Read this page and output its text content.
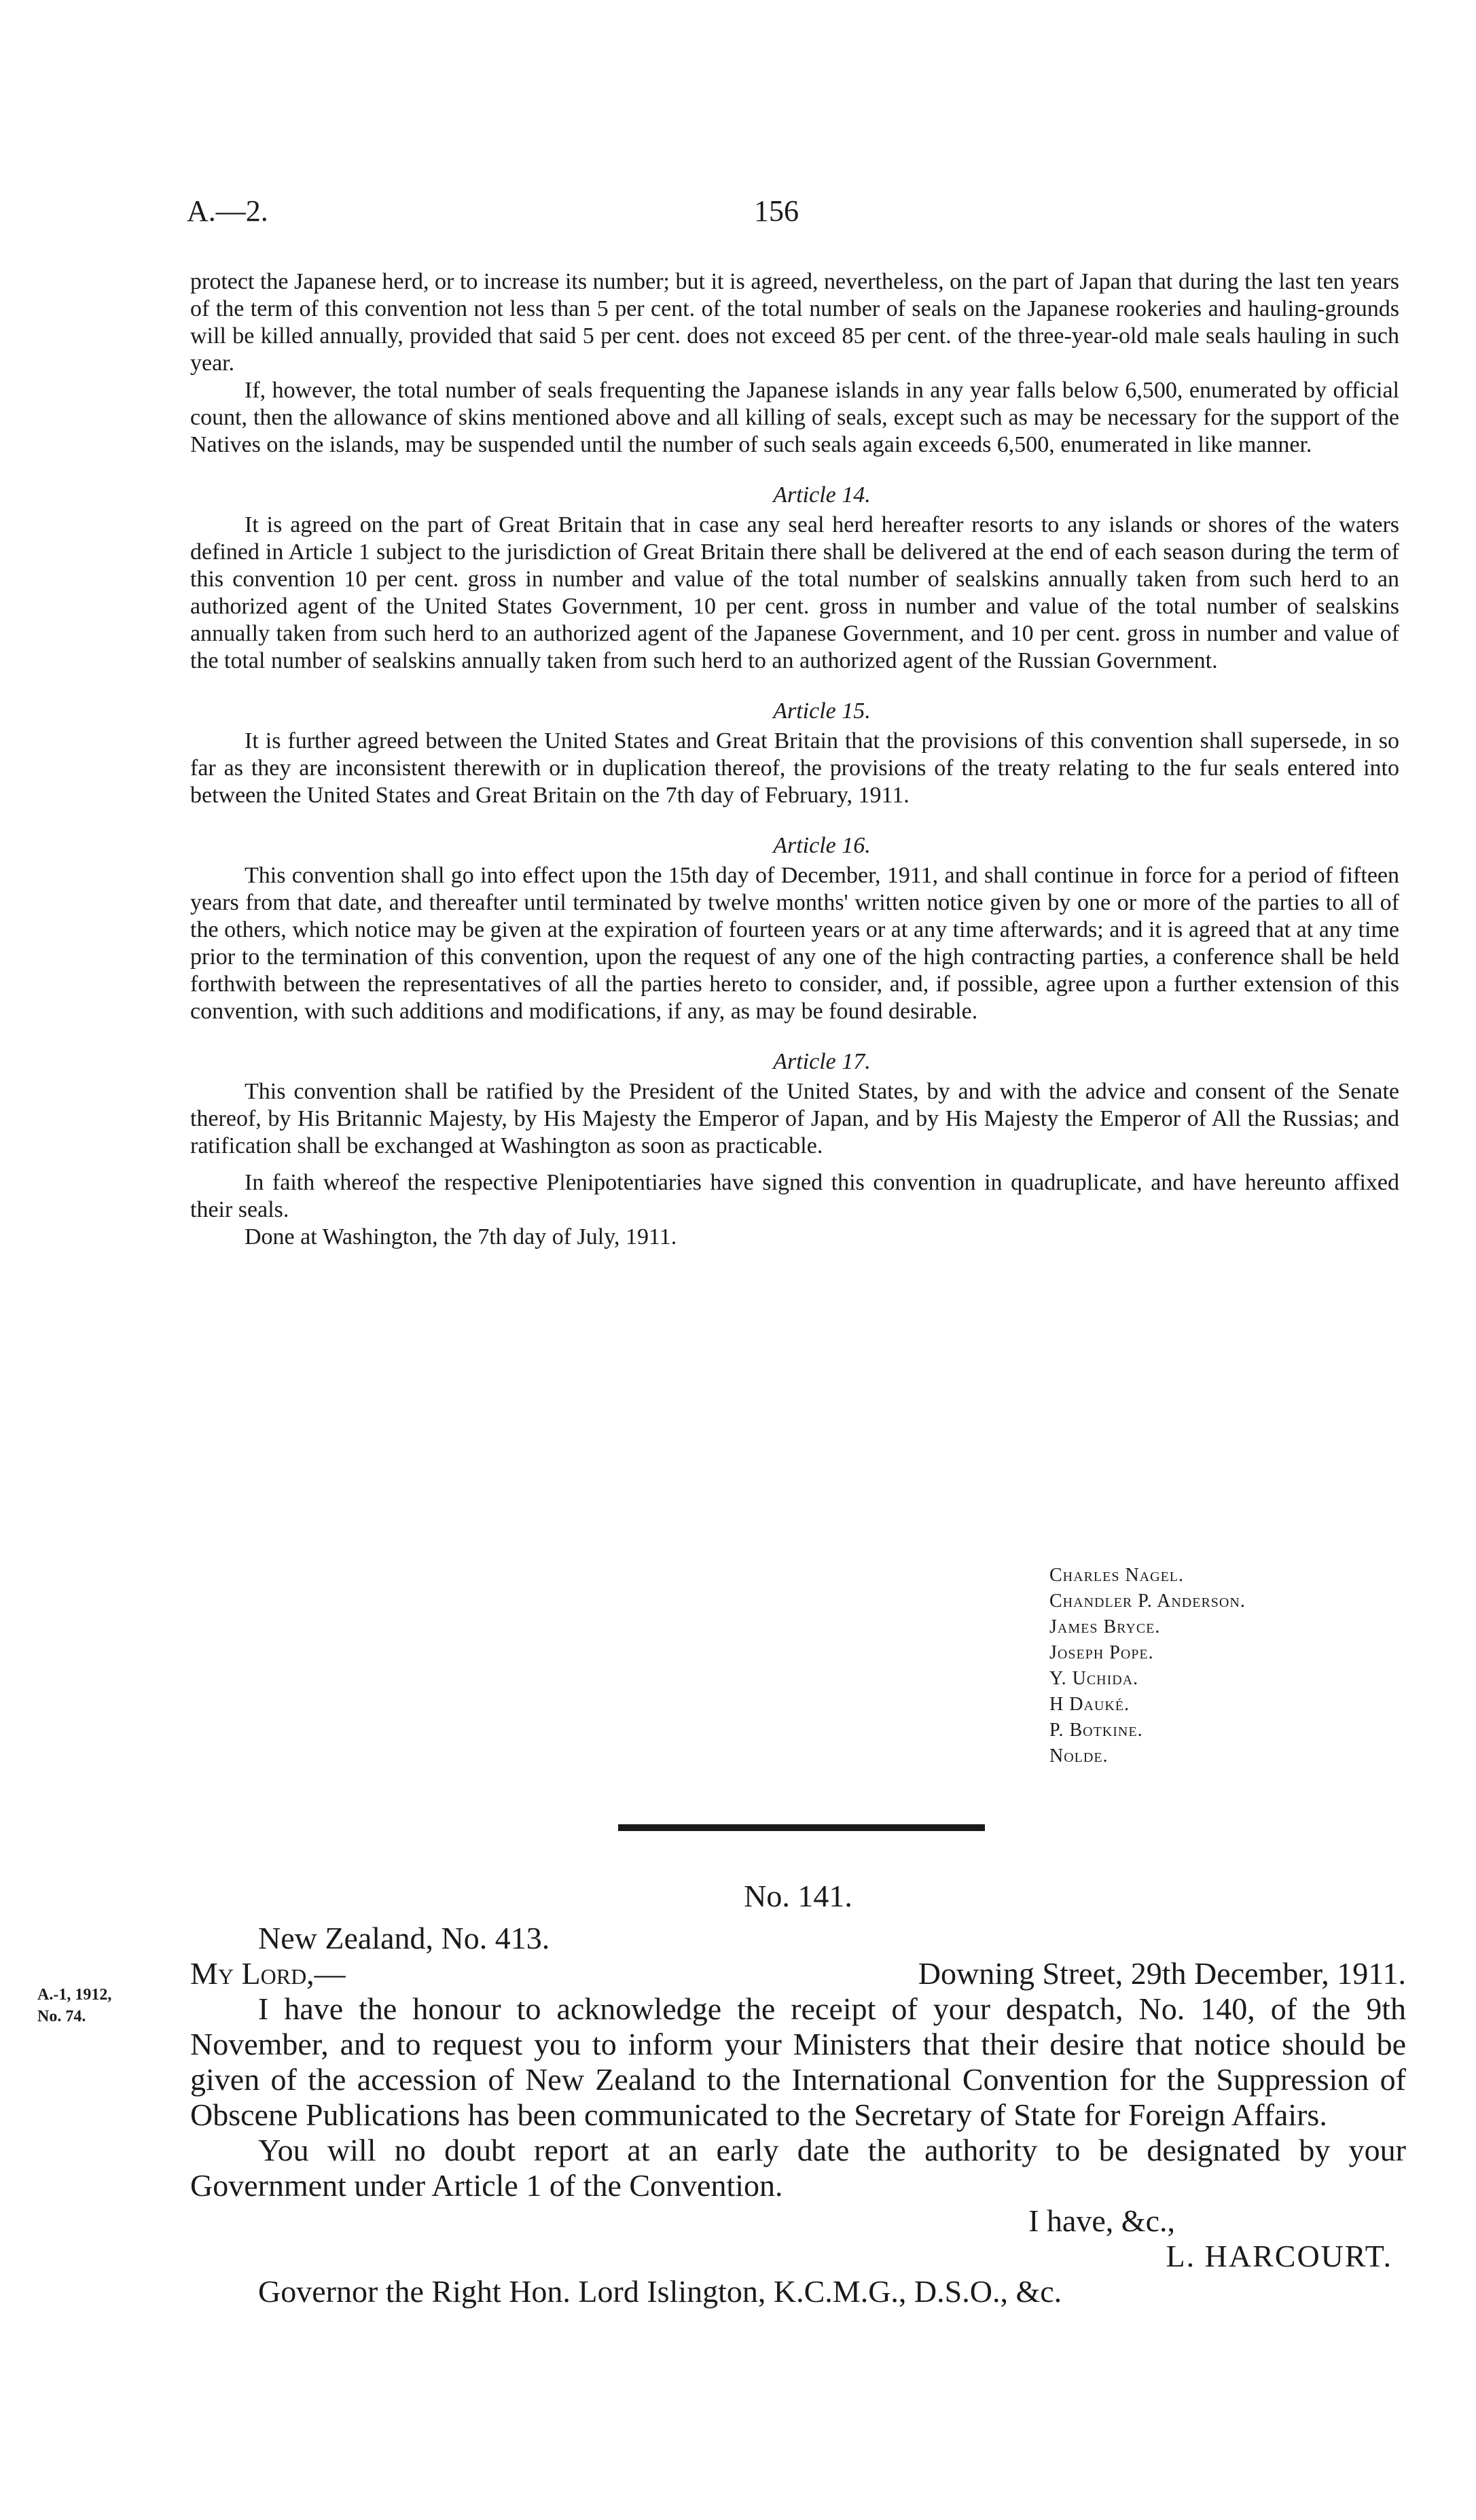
A.—2.	156

protect the Japanese herd, or to increase its number; but it is agreed, nevertheless, on the part of Japan that during the last ten years of the term of this convention not less than 5 per cent. of the total number of seals on the Japanese rookeries and hauling-grounds will be killed annually, provided that said 5 per cent. does not exceed 85 per cent. of the three-year-old male seals hauling in such year.

If, however, the total number of seals frequenting the Japanese islands in any year falls below 6,500, enumerated by official count, then the allowance of skins mentioned above and all killing of seals, except such as may be necessary for the support of the Natives on the islands, may be suspended until the number of such seals again exceeds 6,500, enumerated in like manner.

Article 14.

It is agreed on the part of Great Britain that in case any seal herd hereafter resorts to any islands or shores of the waters defined in Article 1 subject to the jurisdiction of Great Britain there shall be delivered at the end of each season during the term of this convention 10 per cent. gross in number and value of the total number of sealskins annually taken from such herd to an authorized agent of the United States Government, 10 per cent. gross in number and value of the total number of sealskins annually taken from such herd to an authorized agent of the Japanese Government, and 10 per cent. gross in number and value of the total number of sealskins annually taken from such herd to an authorized agent of the Russian Government.

Article 15.

It is further agreed between the United States and Great Britain that the provisions of this convention shall supersede, in so far as they are inconsistent therewith or in duplication thereof, the provisions of the treaty relating to the fur seals entered into between the United States and Great Britain on the 7th day of February, 1911.

Article 16.

This convention shall go into effect upon the 15th day of December, 1911, and shall continue in force for a period of fifteen years from that date, and thereafter until terminated by twelve months' written notice given by one or more of the parties to all of the others, which notice may be given at the expiration of fourteen years or at any time afterwards; and it is agreed that at any time prior to the termination of this convention, upon the request of any one of the high contracting parties, a conference shall be held forthwith between the representatives of all the parties hereto to consider, and, if possible, agree upon a further extension of this convention, with such additions and modifications, if any, as may be found desirable.

Article 17.

This convention shall be ratified by the President of the United States, by and with the advice and consent of the Senate thereof, by His Britannic Majesty, by His Majesty the Emperor of Japan, and by His Majesty the Emperor of All the Russias; and ratification shall be exchanged at Washington as soon as practicable.

In faith whereof the respective Plenipotentiaries have signed this convention in quadruplicate, and have hereunto affixed their seals.

Done at Washington, the 7th day of July, 1911.

Charles Nagel.
Chandler P. Anderson.
James Bryce.
Joseph Pope.
Y. Uchida.
H Dauké.
P. Botkine.
Nolde.
A.-1, 1912,
No. 74.

No. 141.

New Zealand, No. 413.

My Lord,—	Downing Street, 29th December, 1911.

I have the honour to acknowledge the receipt of your despatch, No. 140, of the 9th November, and to request you to inform your Ministers that their desire that notice should be given of the accession of New Zealand to the International Convention for the Suppression of Obscene Publications has been communicated to the Secretary of State for Foreign Affairs.

You will no doubt report at an early date the authority to be designated by your Government under Article 1 of the Convention.

I have, &c.,

L. HARCOURT.

Governor the Right Hon. Lord Islington, K.C.M.G., D.S.O., &c.
